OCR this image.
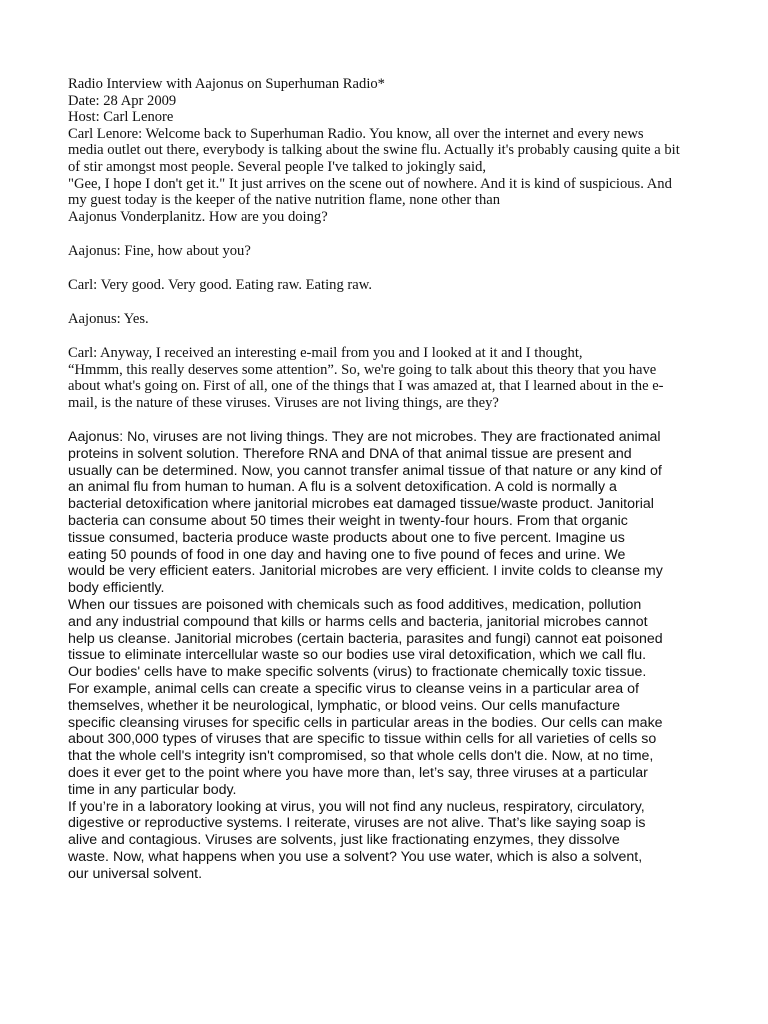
Radio Interview with Aajonus on Superhuman Radio*
Date: 28 Apr 2009
Host: Carl Lenore
Carl Lenore: Welcome back to Superhuman Radio. You know, all over the internet and every news
media outlet out there, everybody is talking about the swine flu. Actually it's probably causing quite a bit
of stir amongst most people. Several people I've talked to jokingly said,
"Gee, I hope I don't get it." It just arrives on the scene out of nowhere. And it is kind of suspicious. And
my guest today is the keeper of the native nutrition flame, none other than
Aajonus Vonderplanitz. How are you doing?
Aajonus: Fine, how about you?
Carl: Very good. Very good. Eating raw. Eating raw.
Aajonus: Yes.
Carl: Anyway, I received an interesting e-mail from you and I looked at it and I thought,
“Hmmm, this really deserves some attention”. So, we're going to talk about this theory that you have
about what's going on. First of all, one of the things that I was amazed at, that I learned about in the e-
mail, is the nature of these viruses. Viruses are not living things, are they?
Aajonus: No, viruses are not living things. They are not microbes. They are fractionated animal
proteins in solvent solution. Therefore RNA and DNA of that animal tissue are present and
usually can be determined. Now, you cannot transfer animal tissue of that nature or any kind of
an animal flu from human to human. A flu is a solvent detoxification. A cold is normally a
bacterial detoxification where janitorial microbes eat damaged tissue/waste product. Janitorial
bacteria can consume about 50 times their weight in twenty-four hours. From that organic
tissue consumed, bacteria produce waste products about one to five percent. Imagine us
eating 50 pounds of food in one day and having one to five pound of feces and urine. We
would be very efficient eaters. Janitorial microbes are very efficient. I invite colds to cleanse my
body efficiently.
When our tissues are poisoned with chemicals such as food additives, medication, pollution
and any industrial compound that kills or harms cells and bacteria, janitorial microbes cannot
help us cleanse. Janitorial microbes (certain bacteria, parasites and fungi) cannot eat poisoned
tissue to eliminate intercellular waste so our bodies use viral detoxification, which we call flu.
Our bodies' cells have to make specific solvents (virus) to fractionate chemically toxic tissue.
For example, animal cells can create a specific virus to cleanse veins in a particular area of
themselves, whether it be neurological, lymphatic, or blood veins. Our cells manufacture
specific cleansing viruses for specific cells in particular areas in the bodies. Our cells can make
about 300,000 types of viruses that are specific to tissue within cells for all varieties of cells so
that the whole cell's integrity isn't compromised, so that whole cells don't die. Now, at no time,
does it ever get to the point where you have more than, let’s say, three viruses at a particular
time in any particular body.
If you’re in a laboratory looking at virus, you will not find any nucleus, respiratory, circulatory,
digestive or reproductive systems. I reiterate, viruses are not alive. That’s like saying soap is
alive and contagious. Viruses are solvents, just like fractionating enzymes, they dissolve
waste. Now, what happens when you use a solvent? You use water, which is also a solvent,
our universal solvent.
